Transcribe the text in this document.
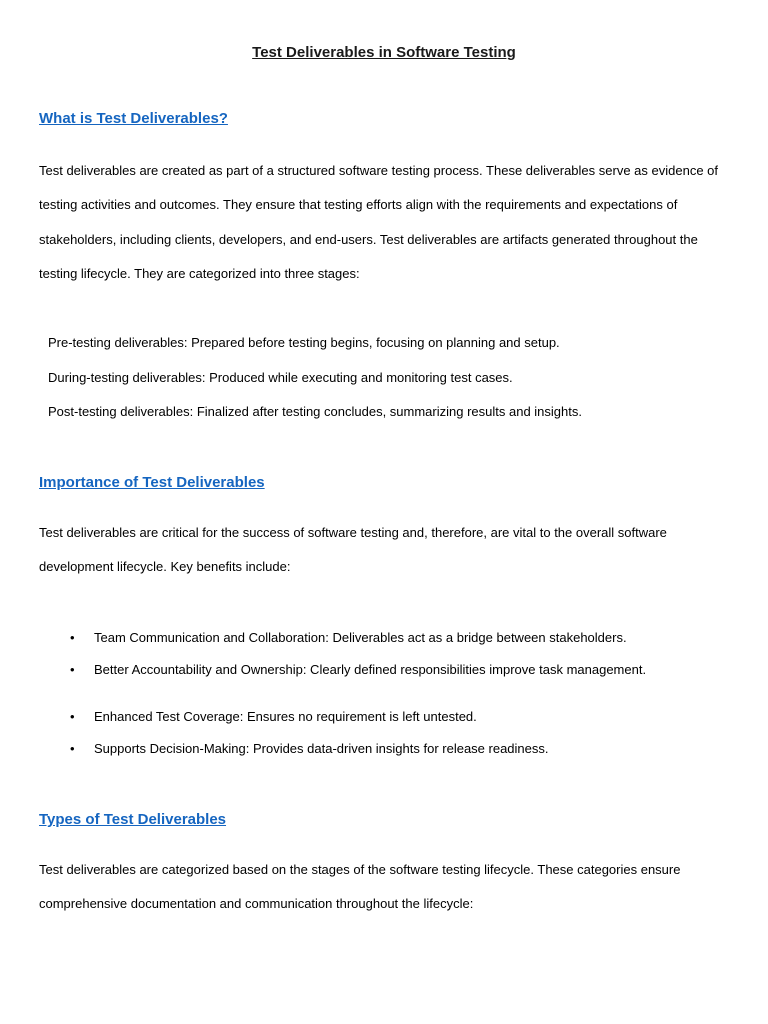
Test Deliverables in Software Testing
What is Test Deliverables?
Test deliverables are created as part of a structured software testing process. These deliverables serve as evidence of
testing activities and outcomes. They ensure that testing efforts align with the requirements and expectations of
stakeholders, including clients, developers, and end-users. Test deliverables are artifacts generated throughout the
testing lifecycle. They are categorized into three stages:

Pre-testing deliverables: Prepared before testing begins, focusing on planning and setup.

During-testing deliverables: Produced while executing and monitoring test cases.

Post-testing deliverables: Finalized after testing concludes, summarizing results and insights.

Importance of Test Deliverables
Test deliverables are critical for the success of software testing and, therefore, are vital to the overall software
development lifecycle. Key benefits include:
• Team Communication and Collaboration: Deliverables act as a bridge between stakeholders.
• Better Accountability and Ownership: Clearly defined responsibilities improve task management.
• Enhanced Test Coverage: Ensures no requirement is left untested.
• Supports Decision-Making: Provides data-driven insights for release readiness.
Types of Test Deliverables
Test deliverables are categorized based on the stages of the software testing lifecycle. These categories ensure
comprehensive documentation and communication throughout the lifecycle:
